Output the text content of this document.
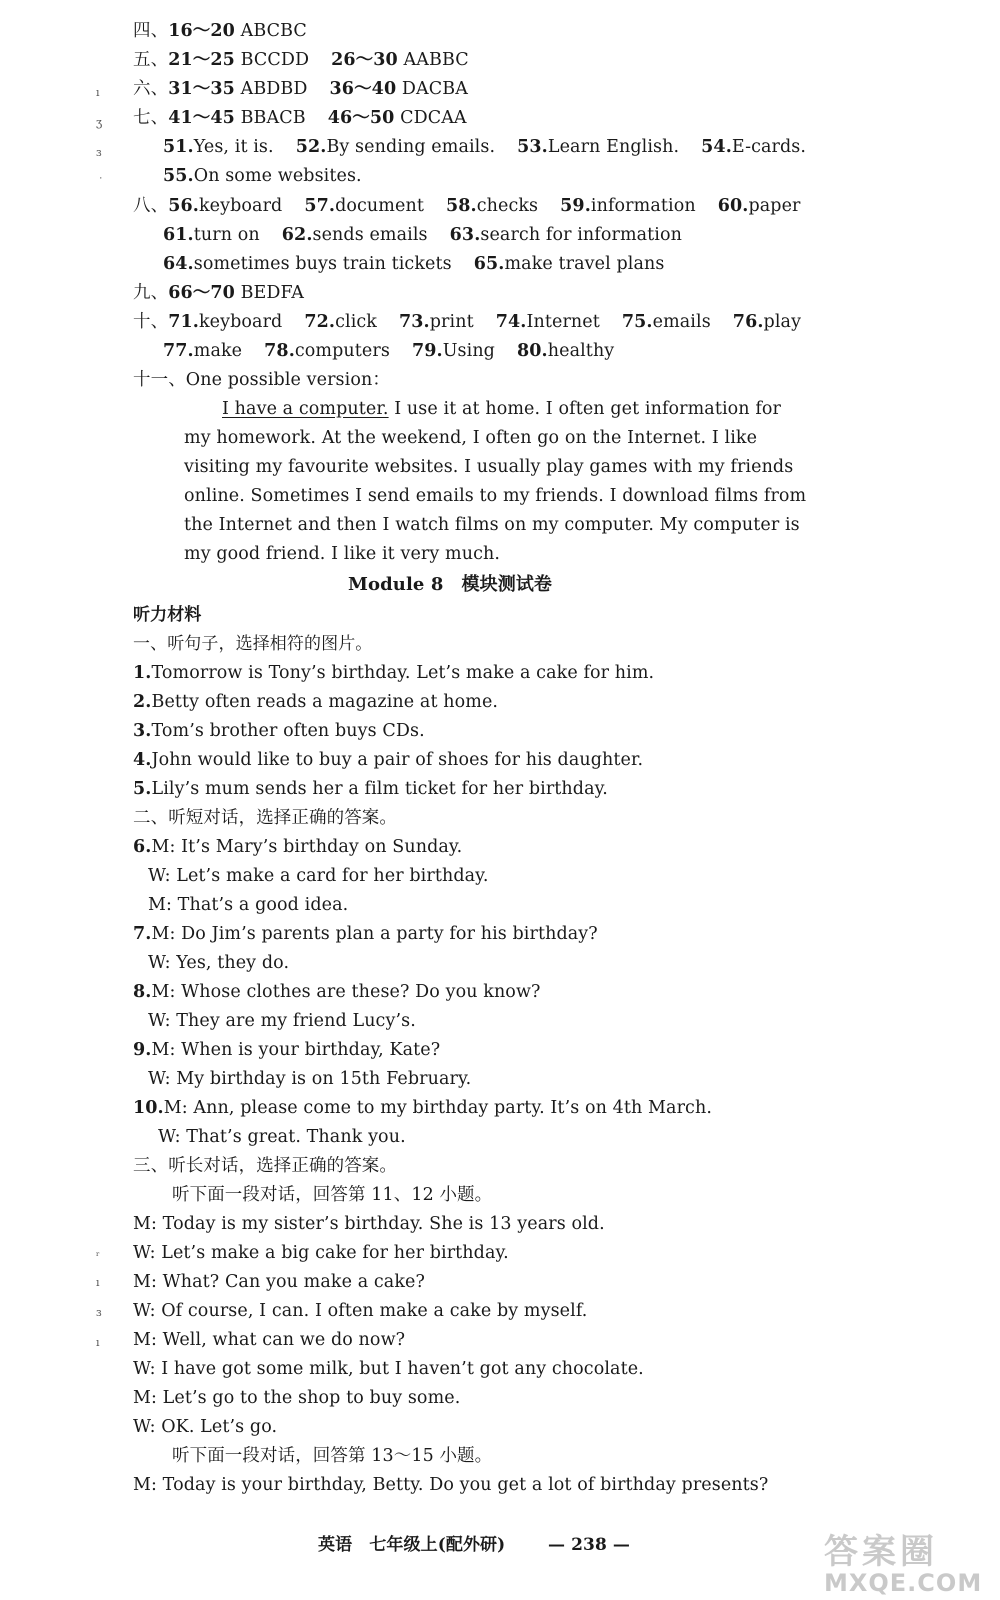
ı
ʒ
ɜ
˙
ᵣ
ı
ɜ
ı
四、16～20 ABCBC
五、21～25 BCCDD 26～30 AABBC
六、31～35 ABDBD 36～40 DACBA
七、41～45 BBACB 46～50 CDCAA
51.Yes, it is. 52.By sending emails. 53.Learn English. 54.E-cards.
55.On some websites.
八、56.keyboard 57.document 58.checks 59.information 60.paper
61.turn on 62.sends emails 63.search for information
64.sometimes buys train tickets 65.make travel plans
九、66～70 BEDFA
十、71.keyboard 72.click 73.print 74.Internet 75.emails 76.play
77.make 78.computers 79.Using 80.healthy
十一、One possible version：
I have a computer. I use it at home. I often get information for
my homework. At the weekend, I often go on the Internet. I like
visiting my favourite websites. I usually play games with my friends
online. Sometimes I send emails to my friends. I download films from
the Internet and then I watch films on my computer. My computer is
my good friend. I like it very much.
Module 8　模块测试卷
听力材料
一、听句子，选择相符的图片。
1.Tomorrow is Tony’s birthday. Let’s make a cake for him.
2.Betty often reads a magazine at home.
3.Tom’s brother often buys CDs.
4.John would like to buy a pair of shoes for his daughter.
5.Lily’s mum sends her a film ticket for her birthday.
二、听短对话，选择正确的答案。
6.M: It’s Mary’s birthday on Sunday.
W: Let’s make a card for her birthday.
M: That’s a good idea.
7.M: Do Jim’s parents plan a party for his birthday?
W: Yes, they do.
8.M: Whose clothes are these? Do you know?
W: They are my friend Lucy’s.
9.M: When is your birthday, Kate?
W: My birthday is on 15th February.
10.M: Ann, please come to my birthday party. It’s on 4th March.
W: That’s great. Thank you.
三、听长对话，选择正确的答案。
听下面一段对话，回答第 11、12 小题。
M: Today is my sister’s birthday. She is 13 years old.
W: Let’s make a big cake for her birthday.
M: What? Can you make a cake?
W: Of course, I can. I often make a cake by myself.
M: Well, what can we do now?
W: I have got some milk, but I haven’t got any chocolate.
M: Let’s go to the shop to buy some.
W: OK. Let’s go.
听下面一段对话，回答第 13～15 小题。
M: Today is your birthday, Betty. Do you get a lot of birthday presents?
英语　七年级上(配外研)	— 238 —	答案圈
MXQE.COM
